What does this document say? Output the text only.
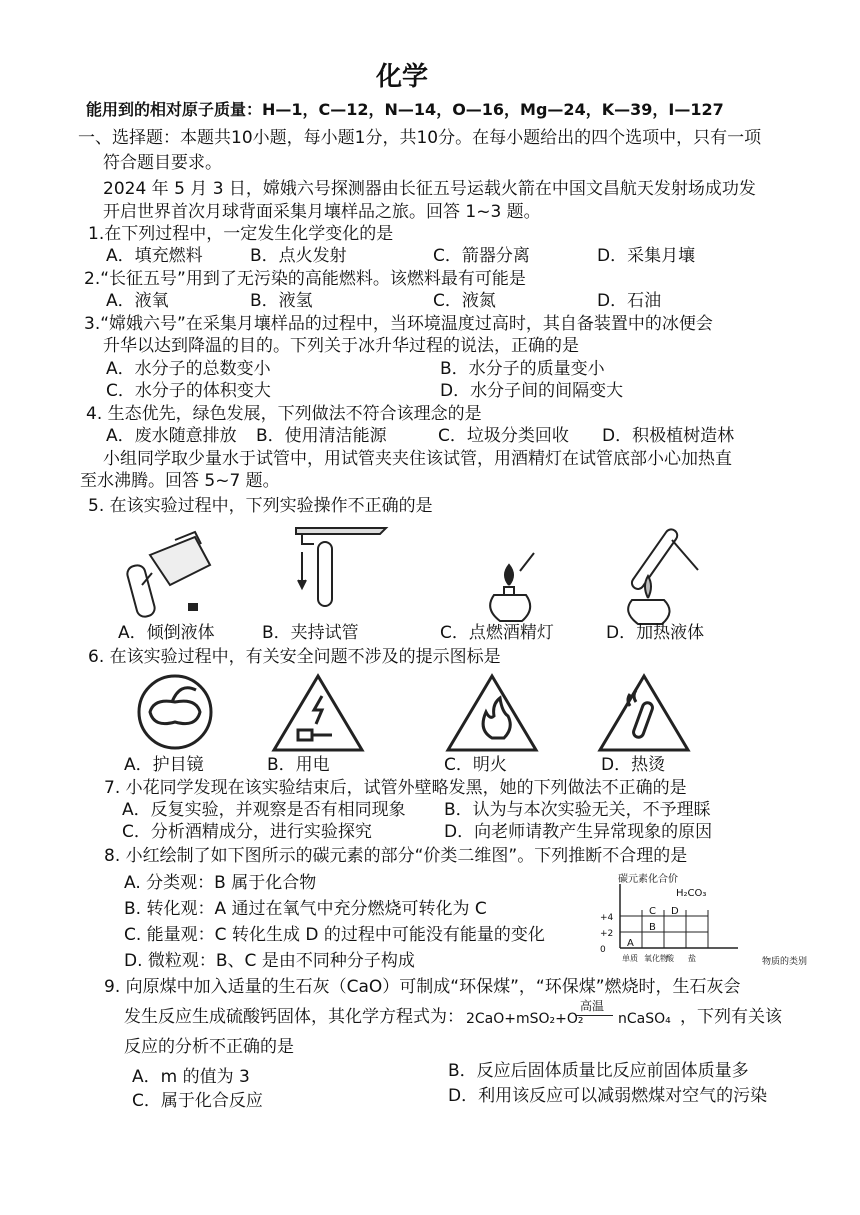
化学
能用到的相对原子质量：H—1，C—12，N—14，O—16，Mg—24，K—39，I—127
一、选择题：本题共10小题，每小题1分，共10分。在每小题给出的四个选项中，只有一项
符合题目要求。
2024 年 5 月 3 日，嫦娥六号探测器由长征五号运载火箭在中国文昌航天发射场成功发
开启世界首次月球背面采集月壤样品之旅。回答 1~3 题。
1.在下列过程中，一定发生化学变化的是
A．填充燃料	B．点火发射	C．箭器分离	D．采集月壤
2.“长征五号”用到了无污染的高能燃料。该燃料最有可能是
A．液氧	B．液氢	C．液氮	D．石油
3.“嫦娥六号”在采集月壤样品的过程中，当环境温度过高时，其自备装置中的冰便会
升华以达到降温的目的。下列关于冰升华过程的说法，正确的是
A．水分子的总数变小	B．水分子的质量变小
C．水分子的体积变大	D．水分子间的间隔变大
4. 生态优先，绿色发展，下列做法不符合该理念的是
A．废水随意排放 B．使用清洁能源	C．垃圾分类回收 D．积极植树造林
小组同学取少量水于试管中，用试管夹夹住该试管，用酒精灯在试管底部小心加热直
至水沸腾。回答 5~7 题。
5. 在该实验过程中，下列实验操作不正确的是
A．倾倒液体	B．夹持试管	C．点燃酒精灯	D．加热液体
6. 在该实验过程中，有关安全问题不涉及的提示图标是
A．护目镜	B．用电	C．明火	D．热烫
7. 小花同学发现在该实验结束后，试管外壁略发黑，她的下列做法不正确的是
A．反复实验，并观察是否有相同现象 B．认为与本次实验无关，不予理睬
C．分析酒精成分，进行实验探究	D．向老师请教产生异常现象的原因
8. 小红绘制了如下图所示的碳元素的部分“价类二维图”。下列推断不合理的是
A. 分类观：B 属于化合物
B. 转化观：A 通过在氧气中充分燃烧可转化为 C
C. 能量观：C 转化生成 D 的过程中可能没有能量的变化
D. 微粒观：B、C 是由不同种分子构成
碳元素化合价
H₂CO₃
物质的类别
+4
+2
0
单质 氧化物
酸 盐
A
B
C D
9. 向原煤中加入适量的生石灰（CaO）可制成“环保煤”，“环保煤”燃烧时，生石灰会
发生反应生成硫酸钙固体，其化学方程式为： 2CaO+mSO₂+O₂
高温
nCaSO₄ ，下列有关该
反应的分析不正确的是
A．m 的值为 3	B．反应后固体质量比反应前固体质量多
C．属于化合反应	D．利用该反应可以减弱燃煤对空气的污染
